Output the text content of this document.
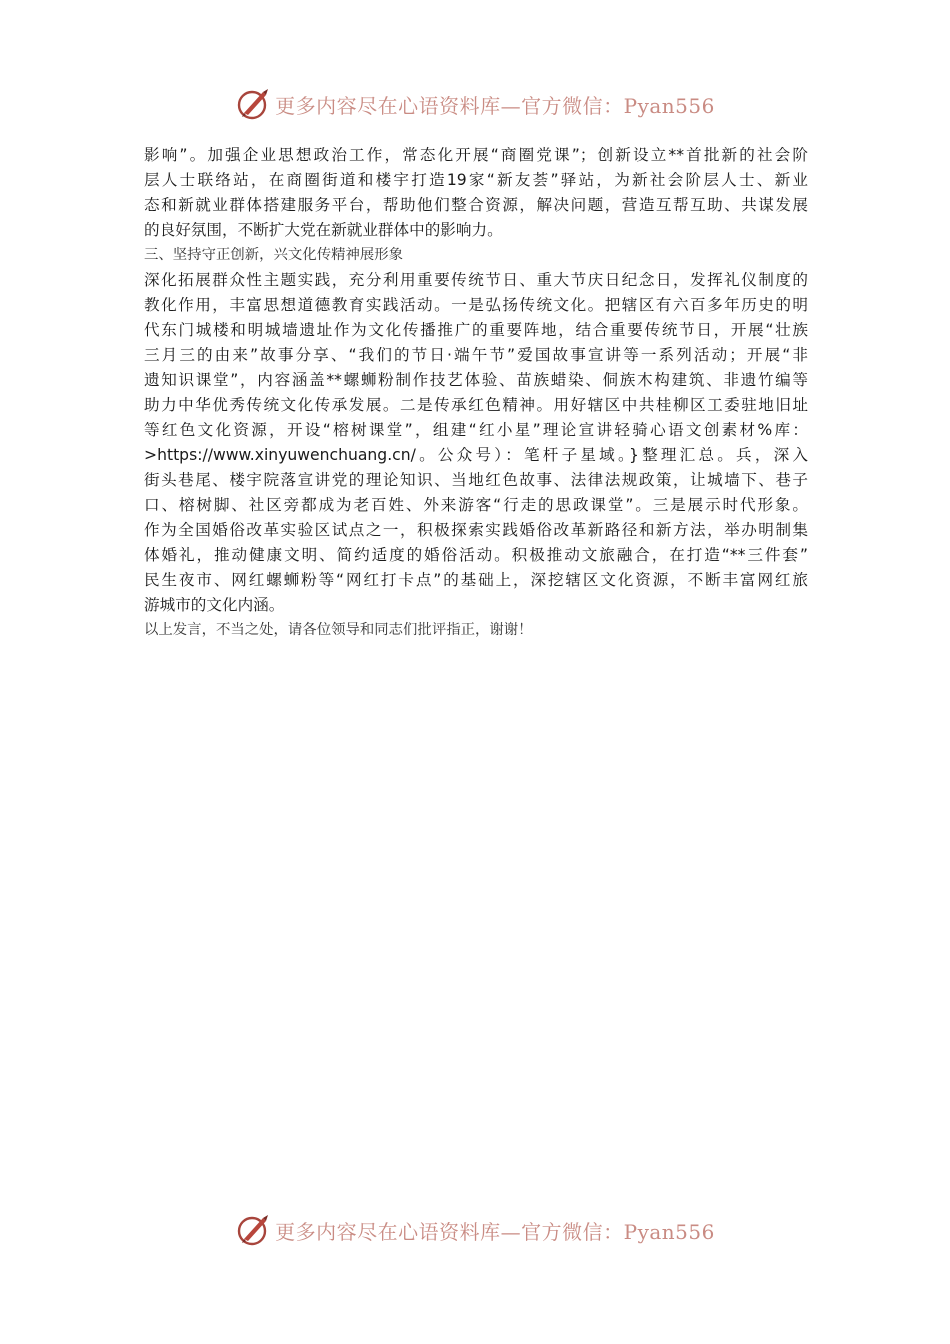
更多内容尽在心语资料库—官方微信：Pyan556
影响”。加强企业思想政治工作，常态化开展“商圈党课”；创新设立**首批新的社会阶
层人士联络站，在商圈街道和楼宇打造19家“新友荟”驿站，为新社会阶层人士、新业
态和新就业群体搭建服务平台，帮助他们整合资源，解决问题，营造互帮互助、共谋发展
的良好氛围，不断扩大党在新就业群体中的影响力。
三、坚持守正创新，兴文化传精神展形象
深化拓展群众性主题实践，充分利用重要传统节日、重大节庆日纪念日，发挥礼仪制度的
教化作用，丰富思想道德教育实践活动。一是弘扬传统文化。把辖区有六百多年历史的明
代东门城楼和明城墙遗址作为文化传播推广的重要阵地，结合重要传统节日，开展“壮族
三月三的由来”故事分享、“我们的节日·端午节”爱国故事宣讲等一系列活动；开展“非
遗知识课堂”，内容涵盖**螺蛳粉制作技艺体验、苗族蜡染、侗族木构建筑、非遗竹编等
助力中华优秀传统文化传承发展。二是传承红色精神。用好辖区中共桂柳区工委驻地旧址
等红色文化资源，开设“榕树课堂”，组建“红小星”理论宣讲轻骑心语文创素材%库：
>https://www.xinyuwenchuang.cn/。公众号）：笔杆子星域。}整理汇总。兵，深入
街头巷尾、楼宇院落宣讲党的理论知识、当地红色故事、法律法规政策，让城墙下、巷子
口、榕树脚、社区旁都成为老百姓、外来游客“行走的思政课堂”。三是展示时代形象。
作为全国婚俗改革实验区试点之一，积极探索实践婚俗改革新路径和新方法，举办明制集
体婚礼，推动健康文明、简约适度的婚俗活动。积极推动文旅融合，在打造“**三件套”
民生夜市、网红螺蛳粉等“网红打卡点”的基础上，深挖辖区文化资源，不断丰富网红旅
游城市的文化内涵。
以上发言，不当之处，请各位领导和同志们批评指正，谢谢！
更多内容尽在心语资料库—官方微信：Pyan556
